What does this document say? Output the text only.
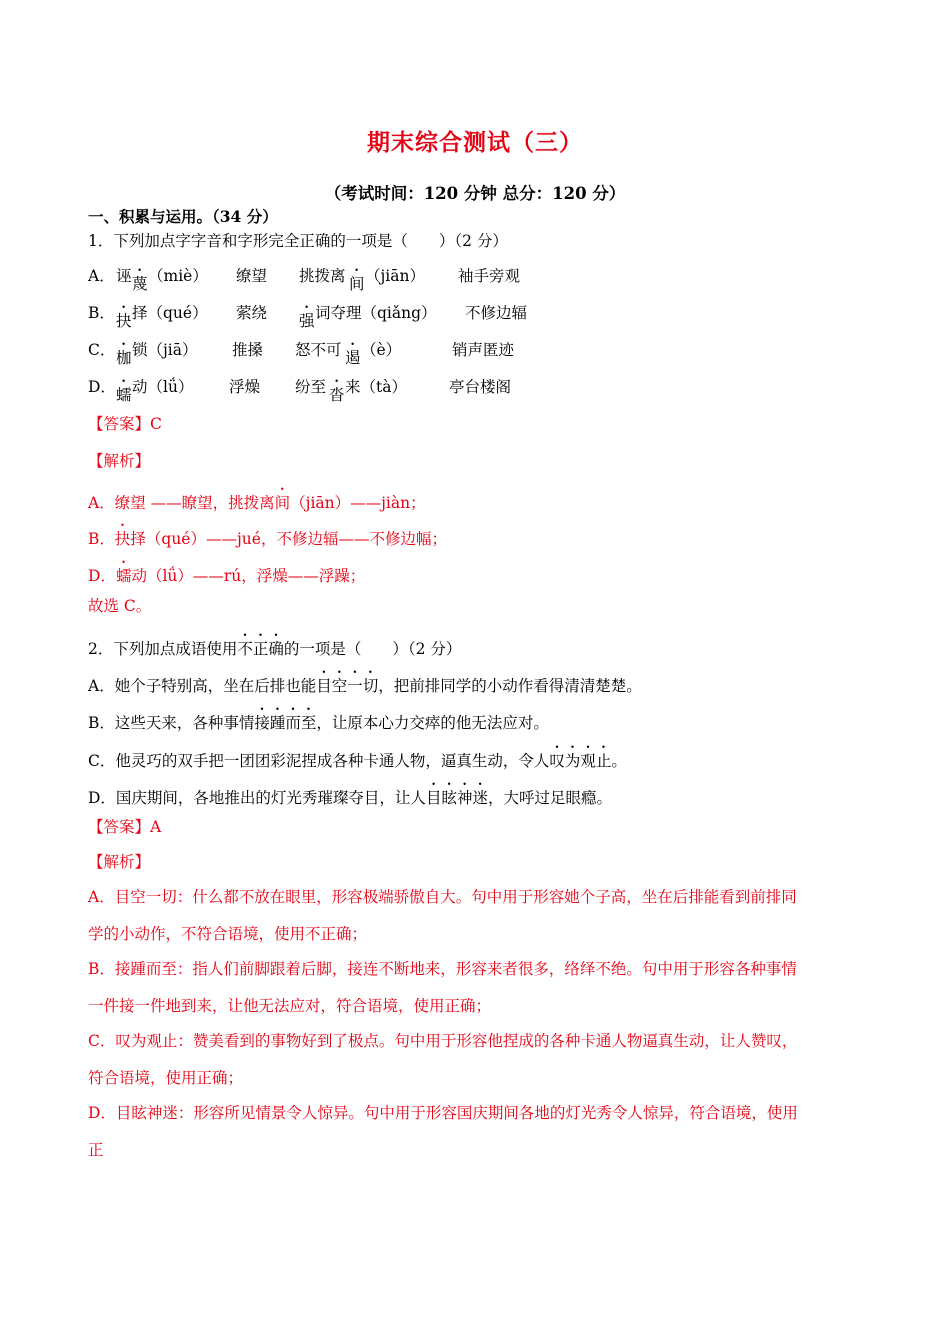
期末综合测试（三）
（考试时间：120 分钟 总分：120 分）
一、积累与运用。（34 分）
1．下列加点字字音和字形完全正确的一项是（　　）（2 分）
A． 诬 蔑 （miè） 缭望 挑拨离 间 （jiān） 袖手旁观
B． 抉 择（qué） 萦绕 强 词夺理（qiǎng） 不修边辐
C． 枷 锁（jiā） 推搡 怒不可 遏 （è）	销声匿迹
D． 蠕 动（lǘ） 浮燥 纷至 沓 来（tà）	亭台楼阁
【答案】C
【解析】
A．缭望 ——瞭望，挑拨离间（jiān）——jiàn；
B．抉择（qué）——jué，不修边辐——不修边幅；
D．蠕动（lǘ）——rú，浮燥——浮躁；
故选 C。
2．下列加点成语使用不正确的一项是（　　）（2 分）
A．她个子特别高，坐在后排也能目空一切，把前排同学的小动作看得清清楚楚。
B．这些天来，各种事情接踵而至，让原本心力交瘁的他无法应对。
C．他灵巧的双手把一团团彩泥捏成各种卡通人物，逼真生动，令人叹为观止。
D．国庆期间，各地推出的灯光秀璀璨夺目，让人目眩神迷，大呼过足眼瘾。
【答案】A
【解析】
A．目空一切：什么都不放在眼里，形容极端骄傲自大。句中用于形容她个子高，坐在后排能看到前排同
学的小动作，不符合语境，使用不正确；
B．接踵而至：指人们前脚跟着后脚，接连不断地来，形容来者很多，络绎不绝。句中用于形容各种事情
一件接一件地到来，让他无法应对，符合语境，使用正确；
C．叹为观止：赞美看到的事物好到了极点。句中用于形容他捏成的各种卡通人物逼真生动，让人赞叹，
符合语境，使用正确；
D．目眩神迷：形容所见情景令人惊异。句中用于形容国庆期间各地的灯光秀令人惊异，符合语境，使用
正
